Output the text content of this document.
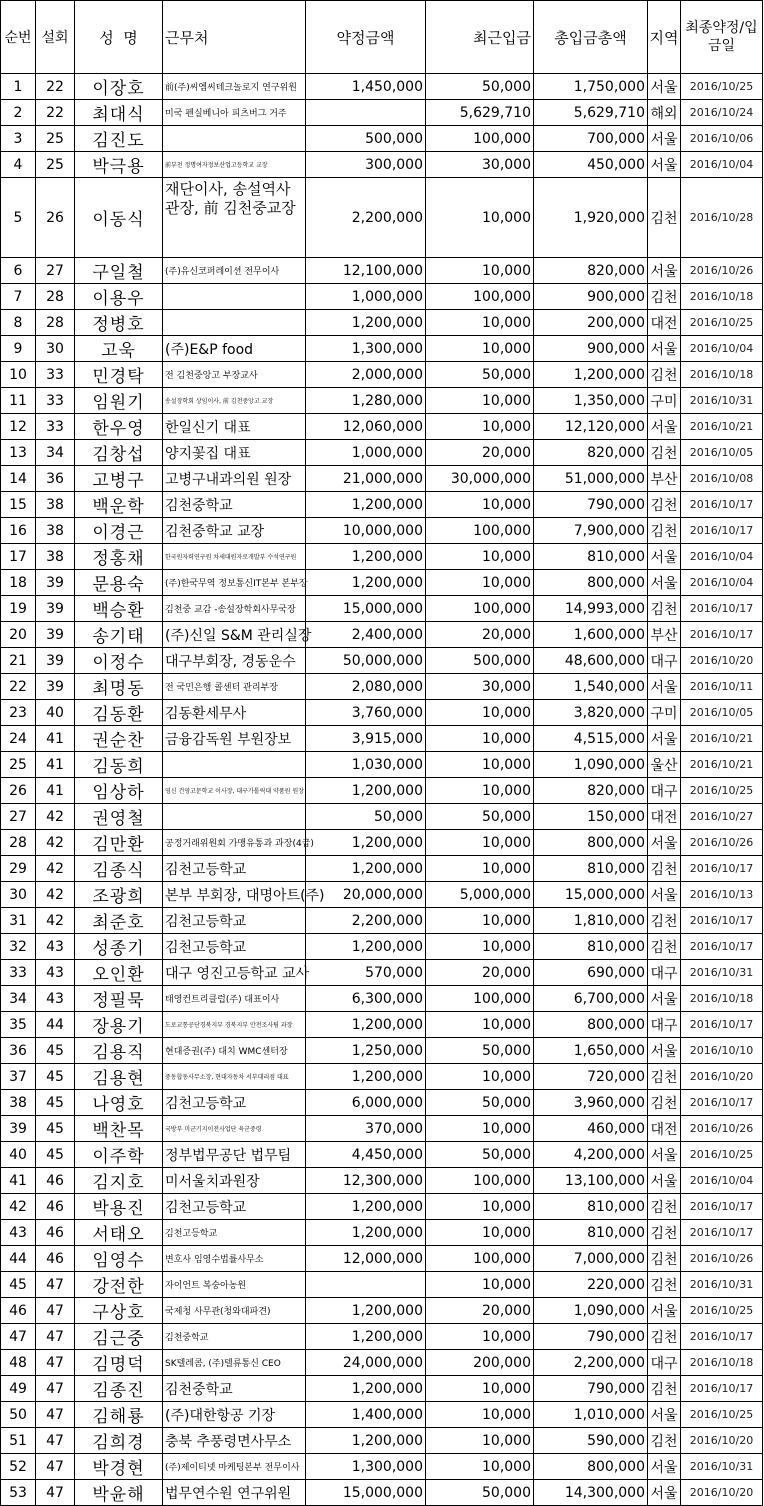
순번	설회	성  명	근무처	약정금액	최근입금	총입금총액	지역	최종약정/입금일
1	22	이장호	前(주)씨엠씨테크놀로지 연구위원	1,450,000	50,000	1,750,000	서울	2016/10/25
2	22	최대식	미국 펜실베니아 피츠버그 거주		5,629,710	5,629,710	해외	2016/10/24
3	25	김진도		500,000	100,000	700,000	서울	2016/10/06
4	25	박극용	前부천 정명여자정보산업고등학교 교장	300,000	30,000	450,000	서울	2016/10/04
5	26	이동식	재단이사, 송설역사관장, 前 김천중교장	2,200,000	10,000	1,920,000	김천	2016/10/28
6	27	구일철	(주)유신코퍼레이션 전무이사	12,100,000	10,000	820,000	서울	2016/10/26
7	28	이용우		1,000,000	100,000	900,000	김천	2016/10/18
8	28	정병호		1,200,000	10,000	200,000	대전	2016/10/25
9	30	고욱	(주)E&P food	1,300,000	10,000	900,000	서울	2016/10/04
10	33	민경탁	전 김천중앙고 부장교사	2,000,000	50,000	1,200,000	김천	2016/10/18
11	33	임원기	송설장학회 상임이사, 前 김천중앙고 교장	1,280,000	10,000	1,350,000	구미	2016/10/31
12	33	한우영	한일신기 대표	12,060,000	10,000	12,120,000	서울	2016/10/21
13	34	김창섭	양지꽃집 대표	1,000,000	20,000	820,000	김천	2016/10/05
14	36	고병구	고병구내과의원 원장	21,000,000	30,000,000	51,000,000	부산	2016/10/08
15	38	백운학	김천중학교	1,200,000	10,000	790,000	김천	2016/10/17
16	38	이경근	김천중학교 교장	10,000,000	100,000	7,900,000	김천	2016/10/17
17	38	정홍채	한국원자력연구원 차세대원자로개발부 수석연구원	1,200,000	10,000	810,000	서울	2016/10/04
18	39	문용숙	(주)한국무역 정보통신IT본부 본부장	1,200,000	10,000	800,000	서울	2016/10/04
19	39	백승환	김천중 교감 -송설장학회사무국장	15,000,000	100,000	14,993,000	김천	2016/10/17
20	39	송기태	(주)신일 S&M 관리실장	2,400,000	20,000	1,600,000	부산	2016/10/17
21	39	이정수	대구부회장, 경동운수	50,000,000	500,000	48,600,000	대구	2016/10/20
22	39	최명동	전 국민은행 콜센터 관리부장	2,080,000	30,000	1,540,000	서울	2016/10/11
23	40	김동환	김동환세무사	3,760,000	10,000	3,820,000	구미	2016/10/05
24	41	권순찬	금융감독원 부원장보	3,915,000	10,000	4,515,000	서울	2016/10/21
25	41	김동희		1,030,000	10,000	1,090,000	울산	2016/10/21
26	41	임상하	영신 건영고문학교 이사장, 대구가톨릭대 약품원 원장	1,200,000	10,000	820,000	대구	2016/10/25
27	42	권영철		50,000	50,000	150,000	대전	2016/10/27
28	42	김만환	공정거래위원회 가맹유통과 과장(4급)	1,200,000	10,000	800,000	서울	2016/10/26
29	42	김종식	김천고등학교	1,200,000	10,000	810,000	김천	2016/10/17
30	42	조광희	본부 부회장, 대명아트(주)	20,000,000	5,000,000	15,000,000	서울	2016/10/13
31	42	최준호	김천고등학교	2,200,000	10,000	1,810,000	김천	2016/10/17
32	43	성종기	김천고등학교	1,200,000	10,000	810,000	김천	2016/10/17
33	43	오인환	대구 영진고등학교 교사	570,000	20,000	690,000	대구	2016/10/31
34	43	정필묵	태영컨트리클럽(주) 대표이사	6,300,000	100,000	6,700,000	서울	2016/10/18
35	44	장용기	도로교통공단경북지부 경북지부 안전조사팀 과장	1,200,000	10,000	800,000	대구	2016/10/17
36	45	김용직	현대증권(주) 대치 WMC센터장	1,250,000	50,000	1,650,000	서울	2016/10/10
37	45	김용현	중동합동사무소장, 현대자동차 서부대리점 대표	1,200,000	10,000	720,000	김천	2016/10/20
38	45	나영호	김천고등학교	6,000,000	50,000	3,960,000	김천	2016/10/17
39	45	백찬목	국방부 미군기지이전사업단 육군중령	370,000	10,000	460,000	대전	2016/10/26
40	45	이주학	정부법무공단 법무팀	4,450,000	50,000	4,200,000	서울	2016/10/25
41	46	김지호	미서울치과원장	12,300,000	100,000	13,100,000	서울	2016/10/04
42	46	박용진	김천고등학교	1,200,000	10,000	810,000	김천	2016/10/17
43	46	서태오	김천고등학교	1,200,000	10,000	810,000	김천	2016/10/17
44	46	임영수	변호사 임영수법률사무소	12,000,000	100,000	7,000,000	김천	2016/10/26
45	47	강전한	자이언트 복숭아농원		10,000	220,000	김천	2016/10/31
46	47	구상호	국제청 사무관(청와대파견)	1,200,000	20,000	1,090,000	서울	2016/10/25
47	47	김근중	김천중학교	1,200,000	10,000	790,000	김천	2016/10/17
48	47	김명덕	SK텔레콤, (주)텔류통신 CEO	24,000,000	200,000	2,200,000	대구	2016/10/18
49	47	김종진	김천중학교	1,200,000	10,000	790,000	김천	2016/10/17
50	47	김해룡	(주)대한항공 기장	1,400,000	10,000	1,010,000	서울	2016/10/25
51	47	김희경	충북 추풍령면사무소	1,200,000	10,000	590,000	김천	2016/10/20
52	47	박경현	(주)제이티넷 마케팅본부 전무이사	1,300,000	10,000	800,000	서울	2016/10/31
53	47	박윤해	법무연수원 연구위원	15,000,000	50,000	14,300,000	서울	2016/10/20
